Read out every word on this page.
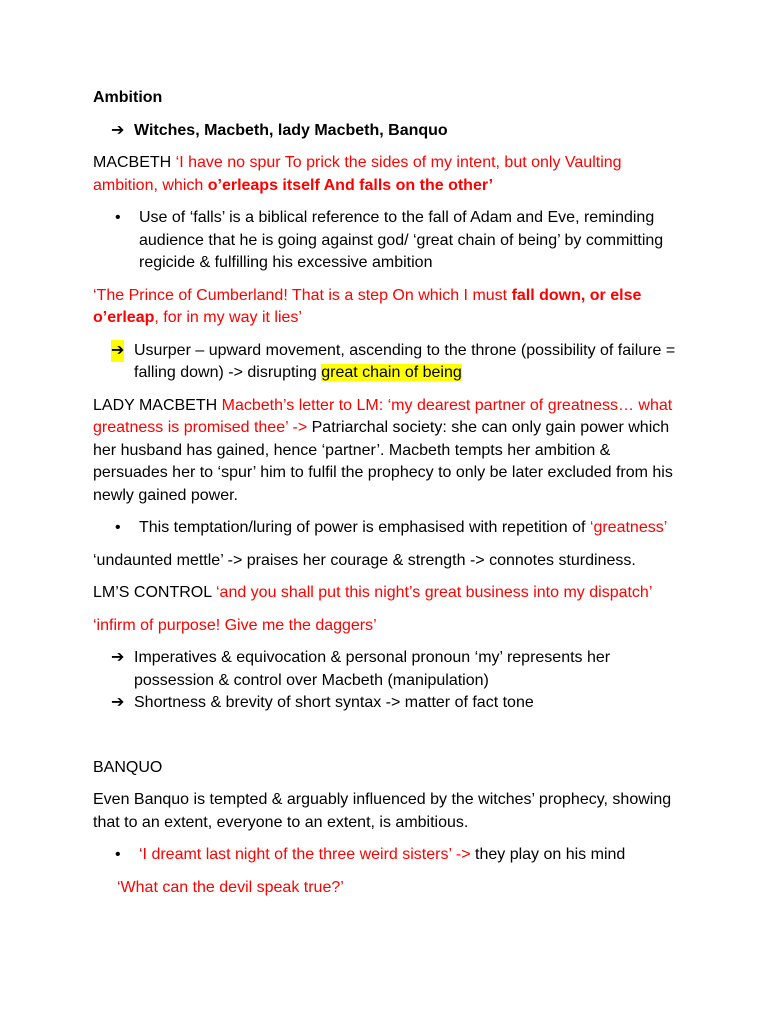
Ambition

➔ Witches, Macbeth, lady Macbeth, Banquo

MACBETH ‘I have no spur To prick the sides of my intent, but only Vaulting ambition, which o’erleaps itself And falls on the other’

• Use of ‘falls’ is a biblical reference to the fall of Adam and Eve, reminding audience that he is going against god/ ‘great chain of being’ by committing regicide & fulfilling his excessive ambition

‘The Prince of Cumberland! That is a step On which I must fall down, or else o’erleap, for in my way it lies’

➔ Usurper – upward movement, ascending to the throne (possibility of failure = falling down) -> disrupting great chain of being

LADY MACBETH Macbeth’s letter to LM: ‘my dearest partner of greatness… what greatness is promised thee’ -> Patriarchal society: she can only gain power which her husband has gained, hence ‘partner’. Macbeth tempts her ambition & persuades her to ‘spur’ him to fulfil the prophecy to only be later excluded from his newly gained power.

• This temptation/luring of power is emphasised with repetition of ‘greatness’

‘undaunted mettle’ -> praises her courage & strength -> connotes sturdiness.

LM’S CONTROL ‘and you shall put this night’s great business into my dispatch’

‘infirm of purpose! Give me the daggers’

➔ Imperatives & equivocation & personal pronoun ‘my’ represents her possession & control over Macbeth (manipulation)
➔ Shortness & brevity of short syntax -> matter of fact tone

BANQUO

Even Banquo is tempted & arguably influenced by the witches’ prophecy, showing that to an extent, everyone to an extent, is ambitious.

• ‘I dreamt last night of the three weird sisters’ -> they play on his mind

‘What can the devil speak true?’
